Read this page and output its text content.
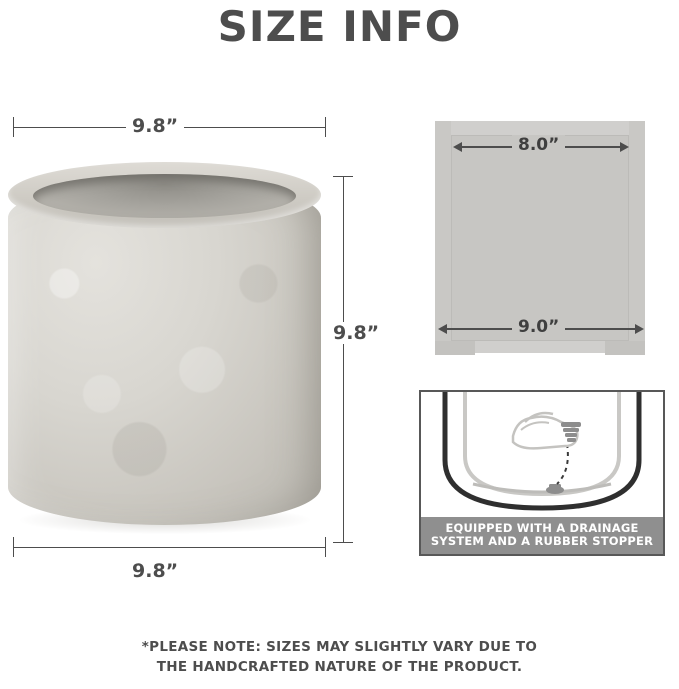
SIZE INFO
9.8”
9.8”
9.8”
8.0”
9.0”
EQUIPPED WITH A DRAINAGE
SYSTEM AND A RUBBER STOPPER
*PLEASE NOTE: SIZES MAY SLIGHTLY VARY DUE TO
THE HANDCRAFTED NATURE OF THE PRODUCT.
